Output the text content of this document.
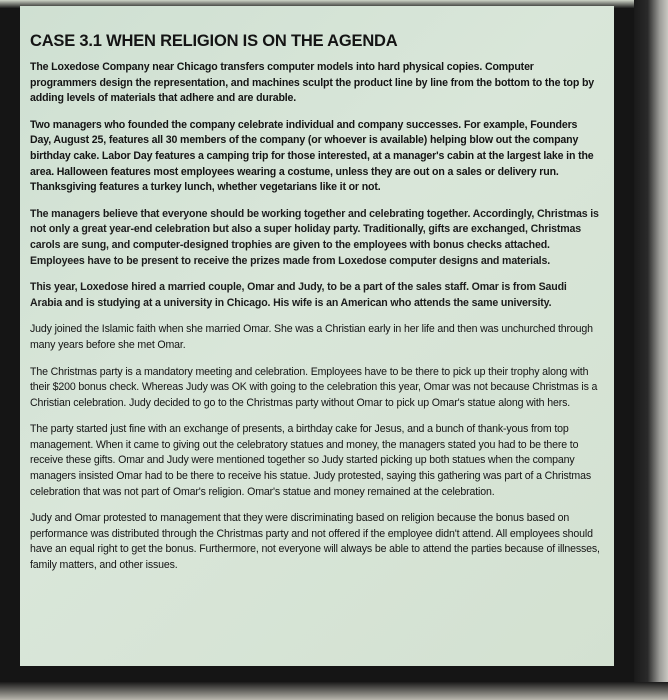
CASE 3.1 WHEN RELIGION IS ON THE AGENDA

The Loxedose Company near Chicago transfers computer models into hard physical copies. Computer programmers design the representation, and machines sculpt the product line by line from the bottom to the top by adding levels of materials that adhere and are durable.

Two managers who founded the company celebrate individual and company successes. For example, Founders Day, August 25, features all 30 members of the company (or whoever is available) helping blow out the company birthday cake. Labor Day features a camping trip for those interested, at a manager's cabin at the largest lake in the area. Halloween features most employees wearing a costume, unless they are out on a sales or delivery run. Thanksgiving features a turkey lunch, whether vegetarians like it or not.

The managers believe that everyone should be working together and celebrating together. Accordingly, Christmas is not only a great year-end celebration but also a super holiday party. Traditionally, gifts are exchanged, Christmas carols are sung, and computer-designed trophies are given to the employees with bonus checks attached. Employees have to be present to receive the prizes made from Loxedose computer designs and materials.

This year, Loxedose hired a married couple, Omar and Judy, to be a part of the sales staff. Omar is from Saudi Arabia and is studying at a university in Chicago. His wife is an American who attends the same university.

Judy joined the Islamic faith when she married Omar. She was a Christian early in her life and then was unchurched through many years before she met Omar.

The Christmas party is a mandatory meeting and celebration. Employees have to be there to pick up their trophy along with their $200 bonus check. Whereas Judy was OK with going to the celebration this year, Omar was not because Christmas is a Christian celebration. Judy decided to go to the Christmas party without Omar to pick up Omar's statue along with hers.

The party started just fine with an exchange of presents, a birthday cake for Jesus, and a bunch of thank-yous from top management. When it came to giving out the celebratory statues and money, the managers stated you had to be there to receive these gifts. Omar and Judy were mentioned together so Judy started picking up both statues when the company managers insisted Omar had to be there to receive his statue. Judy protested, saying this gathering was part of a Christmas celebration that was not part of Omar's religion. Omar's statue and money remained at the celebration.

Judy and Omar protested to management that they were discriminating based on religion because the bonus based on performance was distributed through the Christmas party and not offered if the employee didn't attend. All employees should have an equal right to get the bonus. Furthermore, not everyone will always be able to attend the parties because of illnesses, family matters, and other issues.
